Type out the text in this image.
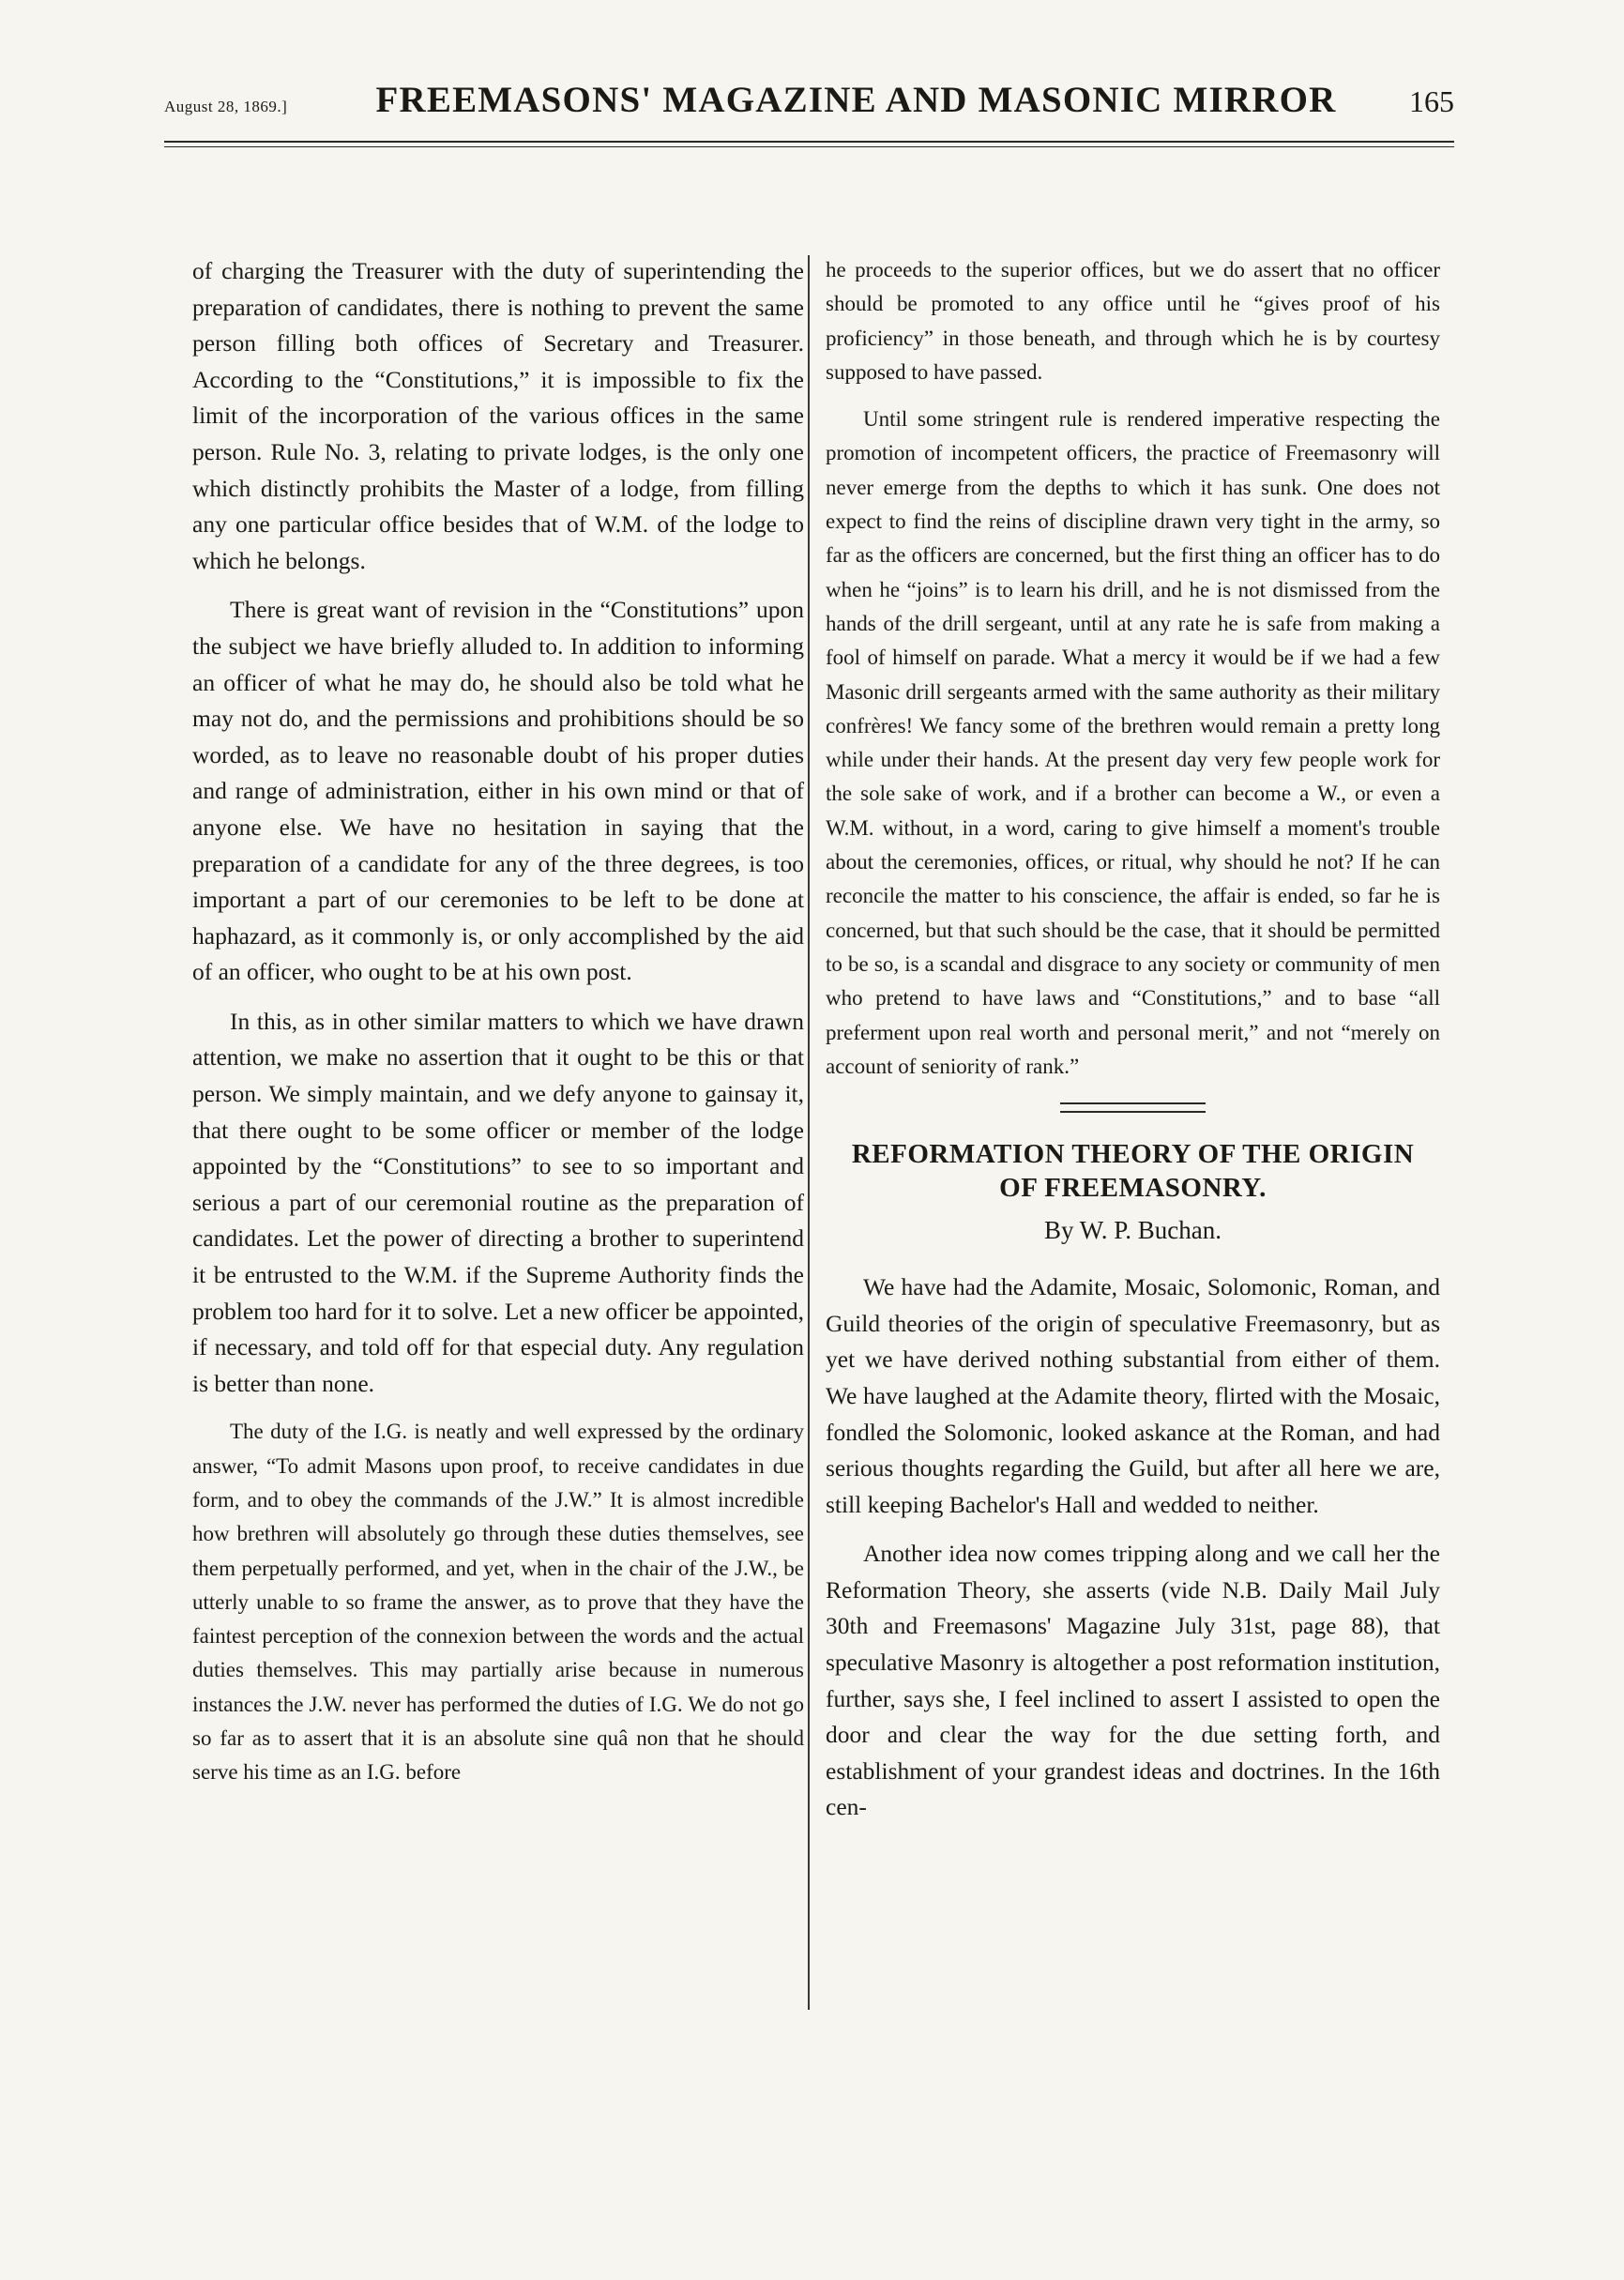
August 28, 1869.]	FREEMASONS' MAGAZINE AND MASONIC MIRROR	165

of charging the Treasurer with the duty of superintending the preparation of candidates, there is nothing to prevent the same person filling both offices of Secretary and Treasurer. According to the “Constitutions,” it is impossible to fix the limit of the incorporation of the various offices in the same person. Rule No. 3, relating to private lodges, is the only one which distinctly prohibits the Master of a lodge, from filling any one particular office besides that of W.M. of the lodge to which he belongs.

There is great want of revision in the “Constitutions” upon the subject we have briefly alluded to. In addition to informing an officer of what he may do, he should also be told what he may not do, and the permissions and prohibitions should be so worded, as to leave no reasonable doubt of his proper duties and range of administration, either in his own mind or that of anyone else. We have no hesitation in saying that the preparation of a candidate for any of the three degrees, is too important a part of our ceremonies to be left to be done at haphazard, as it commonly is, or only accomplished by the aid of an officer, who ought to be at his own post.

In this, as in other similar matters to which we have drawn attention, we make no assertion that it ought to be this or that person. We simply maintain, and we defy anyone to gainsay it, that there ought to be some officer or member of the lodge appointed by the “Constitutions” to see to so important and serious a part of our ceremonial routine as the preparation of candidates. Let the power of directing a brother to superintend it be entrusted to the W.M. if the Supreme Authority finds the problem too hard for it to solve. Let a new officer be appointed, if necessary, and told off for that especial duty. Any regulation is better than none.

The duty of the I.G. is neatly and well expressed by the ordinary answer, “To admit Masons upon proof, to receive candidates in due form, and to obey the commands of the J.W.” It is almost incredible how brethren will absolutely go through these duties themselves, see them perpetually performed, and yet, when in the chair of the J.W., be utterly unable to so frame the answer, as to prove that they have the faintest perception of the connexion between the words and the actual duties themselves. This may partially arise because in numerous instances the J.W. never has performed the duties of I.G. We do not go so far as to assert that it is an absolute sine quâ non that he should serve his time as an I.G. before

he proceeds to the superior offices, but we do assert that no officer should be promoted to any office until he “gives proof of his proficiency” in those beneath, and through which he is by courtesy supposed to have passed.

Until some stringent rule is rendered imperative respecting the promotion of incompetent officers, the practice of Freemasonry will never emerge from the depths to which it has sunk. One does not expect to find the reins of discipline drawn very tight in the army, so far as the officers are concerned, but the first thing an officer has to do when he “joins” is to learn his drill, and he is not dismissed from the hands of the drill sergeant, until at any rate he is safe from making a fool of himself on parade. What a mercy it would be if we had a few Masonic drill sergeants armed with the same authority as their military confrères! We fancy some of the brethren would remain a pretty long while under their hands. At the present day very few people work for the sole sake of work, and if a brother can become a W., or even a W.M. without, in a word, caring to give himself a moment's trouble about the ceremonies, offices, or ritual, why should he not? If he can reconcile the matter to his conscience, the affair is ended, so far he is concerned, but that such should be the case, that it should be permitted to be so, is a scandal and disgrace to any society or community of men who pretend to have laws and “Constitutions,” and to base “all preferment upon real worth and personal merit,” and not “merely on account of seniority of rank.”

REFORMATION THEORY OF THE ORIGIN
OF FREEMASONRY.
By W. P. Buchan.

We have had the Adamite, Mosaic, Solomonic, Roman, and Guild theories of the origin of speculative Freemasonry, but as yet we have derived nothing substantial from either of them. We have laughed at the Adamite theory, flirted with the Mosaic, fondled the Solomonic, looked askance at the Roman, and had serious thoughts regarding the Guild, but after all here we are, still keeping Bachelor's Hall and wedded to neither.

Another idea now comes tripping along and we call her the Reformation Theory, she asserts (vide N.B. Daily Mail July 30th and Freemasons' Magazine July 31st, page 88), that speculative Masonry is altogether a post reformation institution, further, says she, I feel inclined to assert I assisted to open the door and clear the way for the due setting forth, and establishment of your grandest ideas and doctrines. In the 16th cen-
